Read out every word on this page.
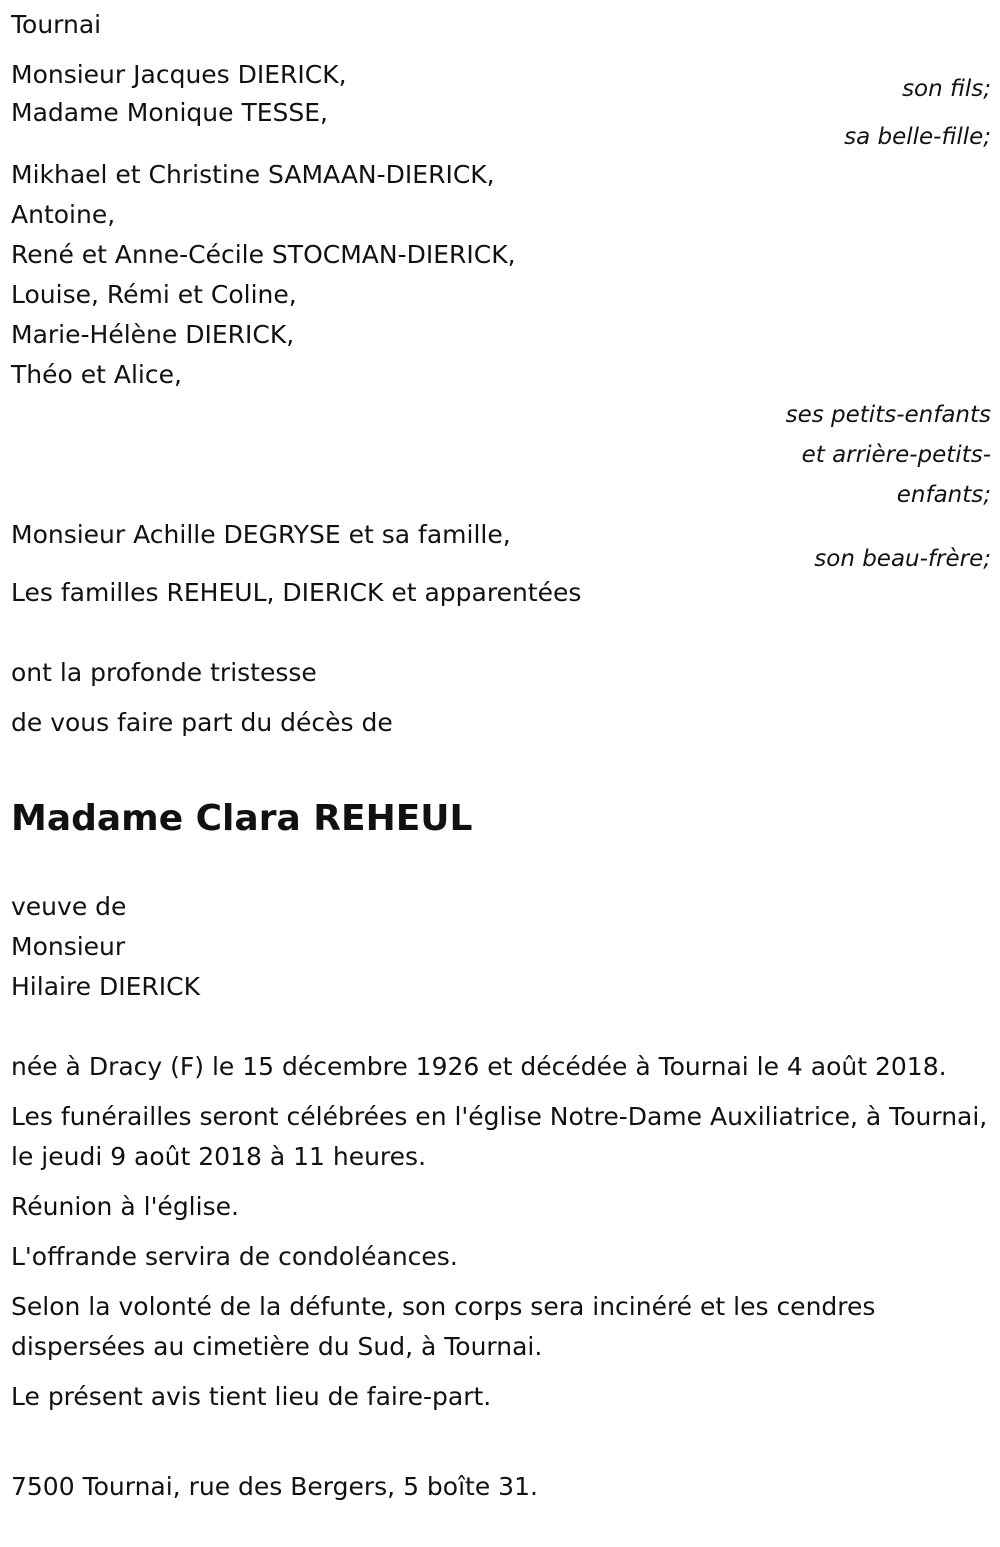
Tournai
Monsieur Jacques DIERICK,	son fils;
Madame Monique TESSE,
sa belle-fille;
Mikhael et Christine SAMAAN-DIERICK,
Antoine,
René et Anne-Cécile STOCMAN-DIERICK,
Louise, Rémi et Coline,
Marie-Hélène DIERICK,
Théo et Alice,
ses petits-enfants
et arrière-petits-
enfants;
Monsieur Achille DEGRYSE et sa famille,
son beau-frère;
Les familles REHEUL, DIERICK et apparentées
ont la profonde tristesse
de vous faire part du décès de
Madame Clara REHEUL
veuve de
Monsieur
Hilaire DIERICK
née à Dracy (F) le 15 décembre 1926 et décédée à Tournai le 4 août 2018.
Les funérailles seront célébrées en l'église Notre-Dame Auxiliatrice, à Tournai, le jeudi 9 août 2018 à 11 heures.
Réunion à l'église.
L'offrande servira de condoléances.
Selon la volonté de la défunte, son corps sera incinéré et les cendres dispersées au cimetière du Sud, à Tournai.
Le présent avis tient lieu de faire-part.
7500 Tournai, rue des Bergers, 5 boîte 31.
